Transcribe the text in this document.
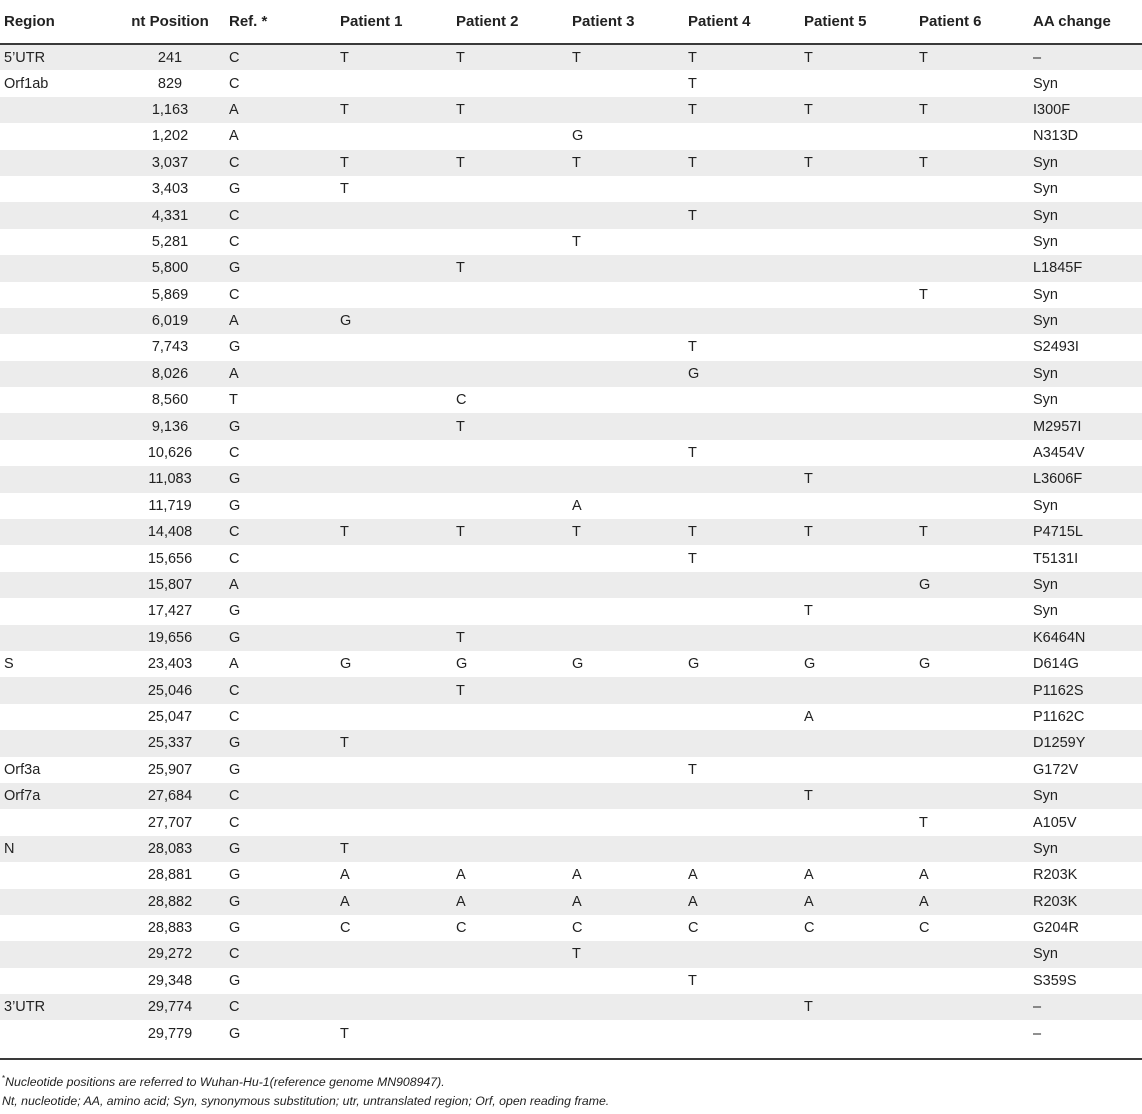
Region	nt Position	Ref. *	Patient 1	Patient 2	Patient 3	Patient 4	Patient 5	Patient 6	AA change
5’UTR	241	C	T	T	T	T	T	T	–
Orf1ab	829	C				T			Syn
	1,163	A	T	T		T	T	T	I300F
	1,202	A			G				N313D
	3,037	C	T	T	T	T	T	T	Syn
	3,403	G	T						Syn
	4,331	C				T			Syn
	5,281	C			T				Syn
	5,800	G		T					L1845F
	5,869	C						T	Syn
	6,019	A	G						Syn
	7,743	G				T			S2493I
	8,026	A				G			Syn
	8,560	T		C					Syn
	9,136	G		T					M2957I
	10,626	C				T			A3454V
	11,083	G					T		L3606F
	11,719	G			A				Syn
	14,408	C	T	T	T	T	T	T	P4715L
	15,656	C				T			T5131I
	15,807	A						G	Syn
	17,427	G					T		Syn
	19,656	G		T					K6464N
S	23,403	A	G	G	G	G	G	G	D614G
	25,046	C		T					P1162S
	25,047	C					A		P1162C
	25,337	G	T						D1259Y
Orf3a	25,907	G				T			G172V
Orf7a	27,684	C					T		Syn
	27,707	C						T	A105V
N	28,083	G	T						Syn
	28,881	G	A	A	A	A	A	A	R203K
	28,882	G	A	A	A	A	A	A	R203K
	28,883	G	C	C	C	C	C	C	G204R
	29,272	C			T				Syn
	29,348	G				T			S359S
3’UTR	29,774	C					T		–
	29,779	G	T						–
*Nucleotide positions are referred to Wuhan-Hu-1(reference genome MN908947).
Nt, nucleotide; AA, amino acid; Syn, synonymous substitution; utr, untranslated region; Orf, open reading frame.
